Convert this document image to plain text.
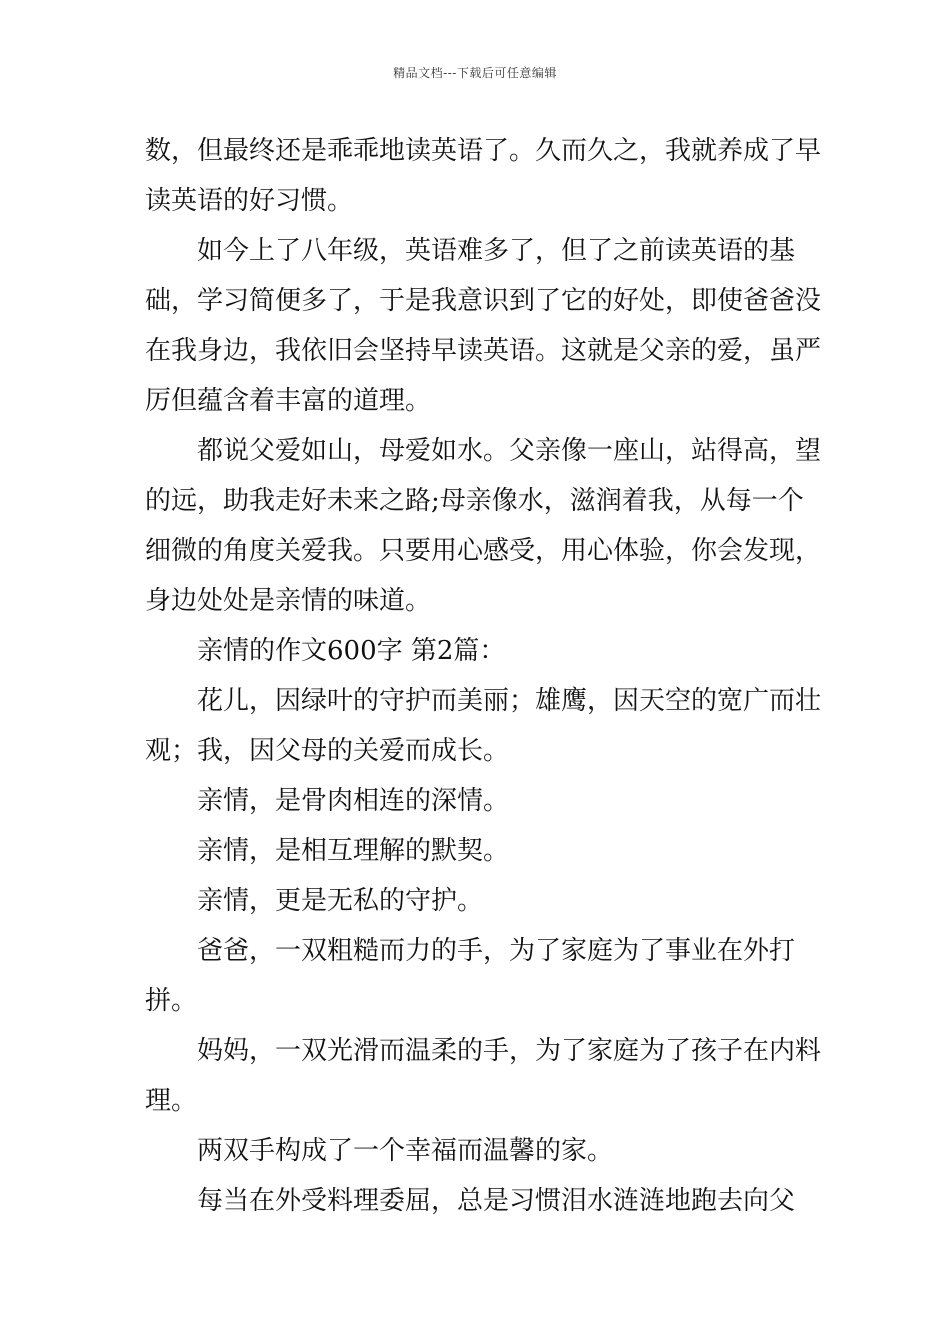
精品文档---下载后可任意编辑

数，但最终还是乖乖地读英语了。久而久之，我就养成了早读英语的好习惯。

如今上了八年级，英语难多了，但了之前读英语的基础，学习简便多了，于是我意识到了它的好处，即使爸爸没在我身边，我依旧会坚持早读英语。这就是父亲的爱，虽严厉但蕴含着丰富的道理。

都说父爱如山，母爱如水。父亲像一座山，站得高，望的远，助我走好未来之路;母亲像水，滋润着我，从每一个细微的角度关爱我。只要用心感受，用心体验，你会发现，身边处处是亲情的味道。

亲情的作文600字 第2篇：

花儿，因绿叶的守护而美丽；雄鹰，因天空的宽广而壮观；我，因父母的关爱而成长。

亲情，是骨肉相连的深情。

亲情，是相互理解的默契。

亲情，更是无私的守护。

爸爸，一双粗糙而力的手，为了家庭为了事业在外打拼。

妈妈，一双光滑而温柔的手，为了家庭为了孩子在内料理。

两双手构成了一个幸福而温馨的家。

每当在外受料理委屈，总是习惯泪水涟涟地跑去向父
